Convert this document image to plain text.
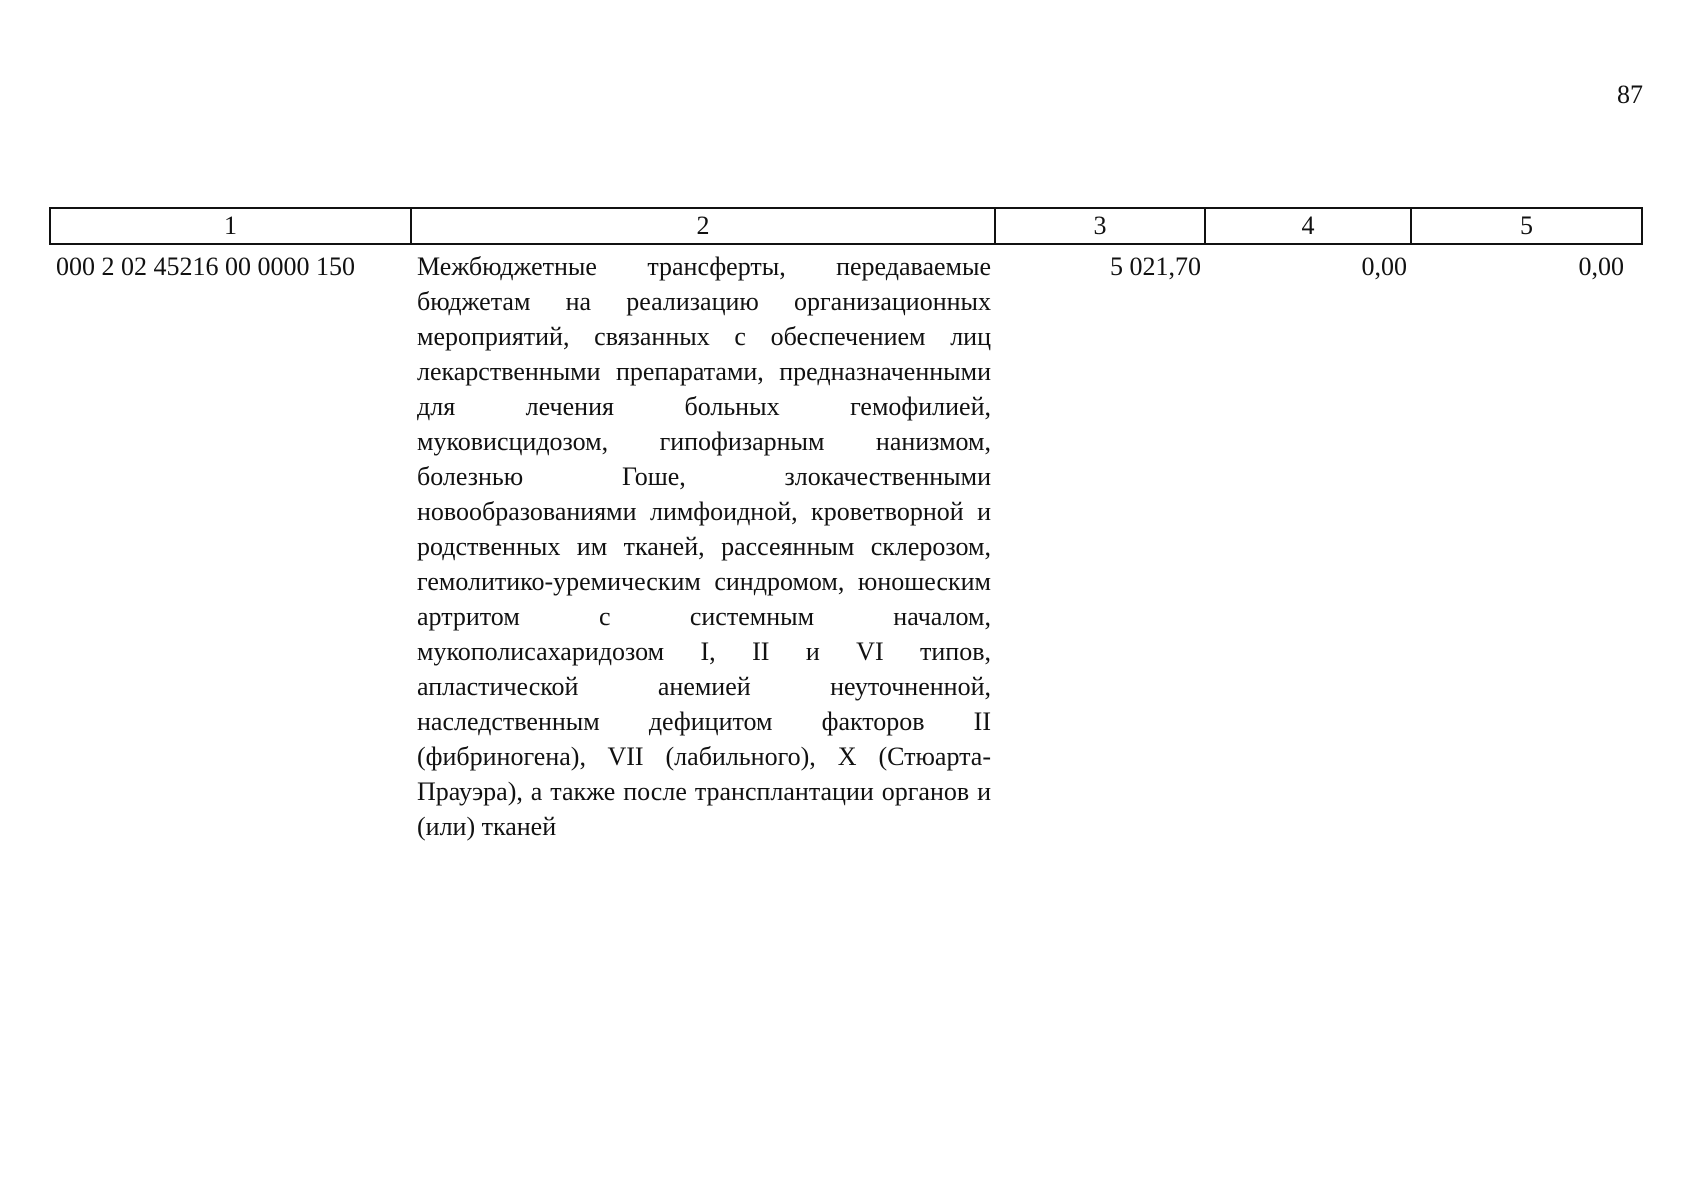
87
1	2	3	4	5
000 2 02 45216 00 0000 150	Межбюджетные трансферты, передаваемые бюджетам на реализацию организационных мероприятий, связанных с обеспечением лиц лекарственными препаратами, предназначенными для лечения больных гемофилией, муковисцидозом, гипофизарным нанизмом, болезнью Гоше, злокачественными новообразованиями лимфоидной, кроветворной и родственных им тканей, рассеянным склерозом, гемолитико-уремическим синдромом, юношеским артритом с системным началом, мукополисахаридозом I, II и VI типов, апластической анемией неуточненной, наследственным дефицитом факторов II (фибриногена), VII (лабильного), X (Стюарта-Прауэра), а также после трансплантации органов и (или) тканей	5 021,70	0,00	0,00
